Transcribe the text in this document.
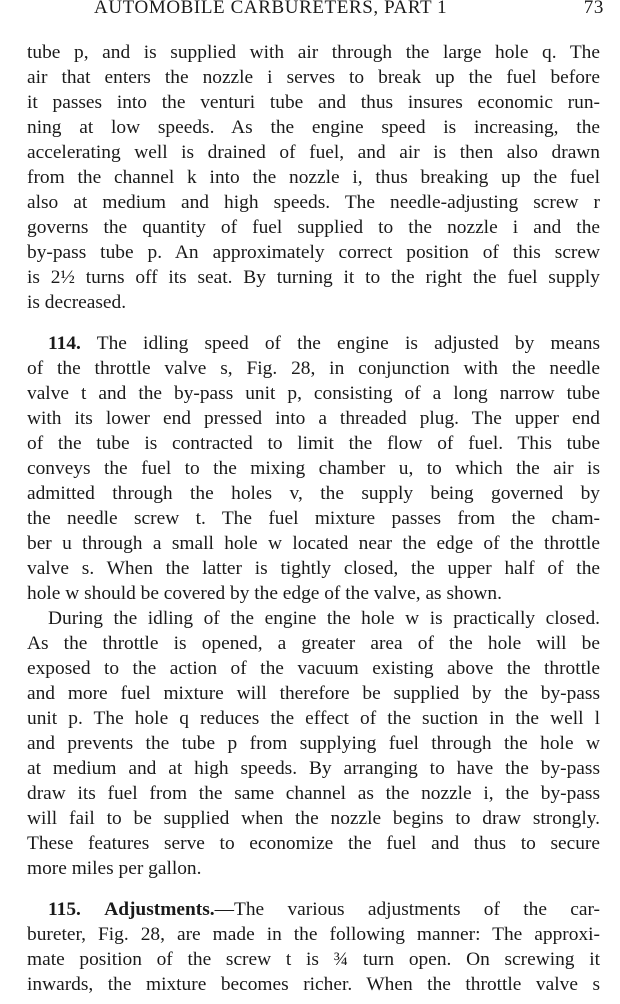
AUTOMOBILE CARBURETERS, PART 1	73
tube p, and is supplied with air through the large hole q. The
air that enters the nozzle i serves to break up the fuel before
it passes into the venturi tube and thus insures economic run-
ning at low speeds. As the engine speed is increasing, the
accelerating well is drained of fuel, and air is then also drawn
from the channel k into the nozzle i, thus breaking up the fuel
also at medium and high speeds. The needle-adjusting screw r
governs the quantity of fuel supplied to the nozzle i and the
by-pass tube p. An approximately correct position of this screw
is 2½ turns off its seat. By turning it to the right the fuel supply
is decreased.
114. The idling speed of the engine is adjusted by means
of the throttle valve s, Fig. 28, in conjunction with the needle
valve t and the by-pass unit p, consisting of a long narrow tube
with its lower end pressed into a threaded plug. The upper end
of the tube is contracted to limit the flow of fuel. This tube
conveys the fuel to the mixing chamber u, to which the air is
admitted through the holes v, the supply being governed by
the needle screw t. The fuel mixture passes from the cham-
ber u through a small hole w located near the edge of the throttle
valve s. When the latter is tightly closed, the upper half of the
hole w should be covered by the edge of the valve, as shown.
During the idling of the engine the hole w is practically closed.
As the throttle is opened, a greater area of the hole will be
exposed to the action of the vacuum existing above the throttle
and more fuel mixture will therefore be supplied by the by-pass
unit p. The hole q reduces the effect of the suction in the well l
and prevents the tube p from supplying fuel through the hole w
at medium and at high speeds. By arranging to have the by-pass
draw its fuel from the same channel as the nozzle i, the by-pass
will fail to be supplied when the nozzle begins to draw strongly.
These features serve to economize the fuel and thus to secure
more miles per gallon.
115. Adjustments.—The various adjustments of the car-
bureter, Fig. 28, are made in the following manner: The approxi-
mate position of the screw t is ¾ turn open. On screwing it
inwards, the mixture becomes richer. When the throttle valve s
